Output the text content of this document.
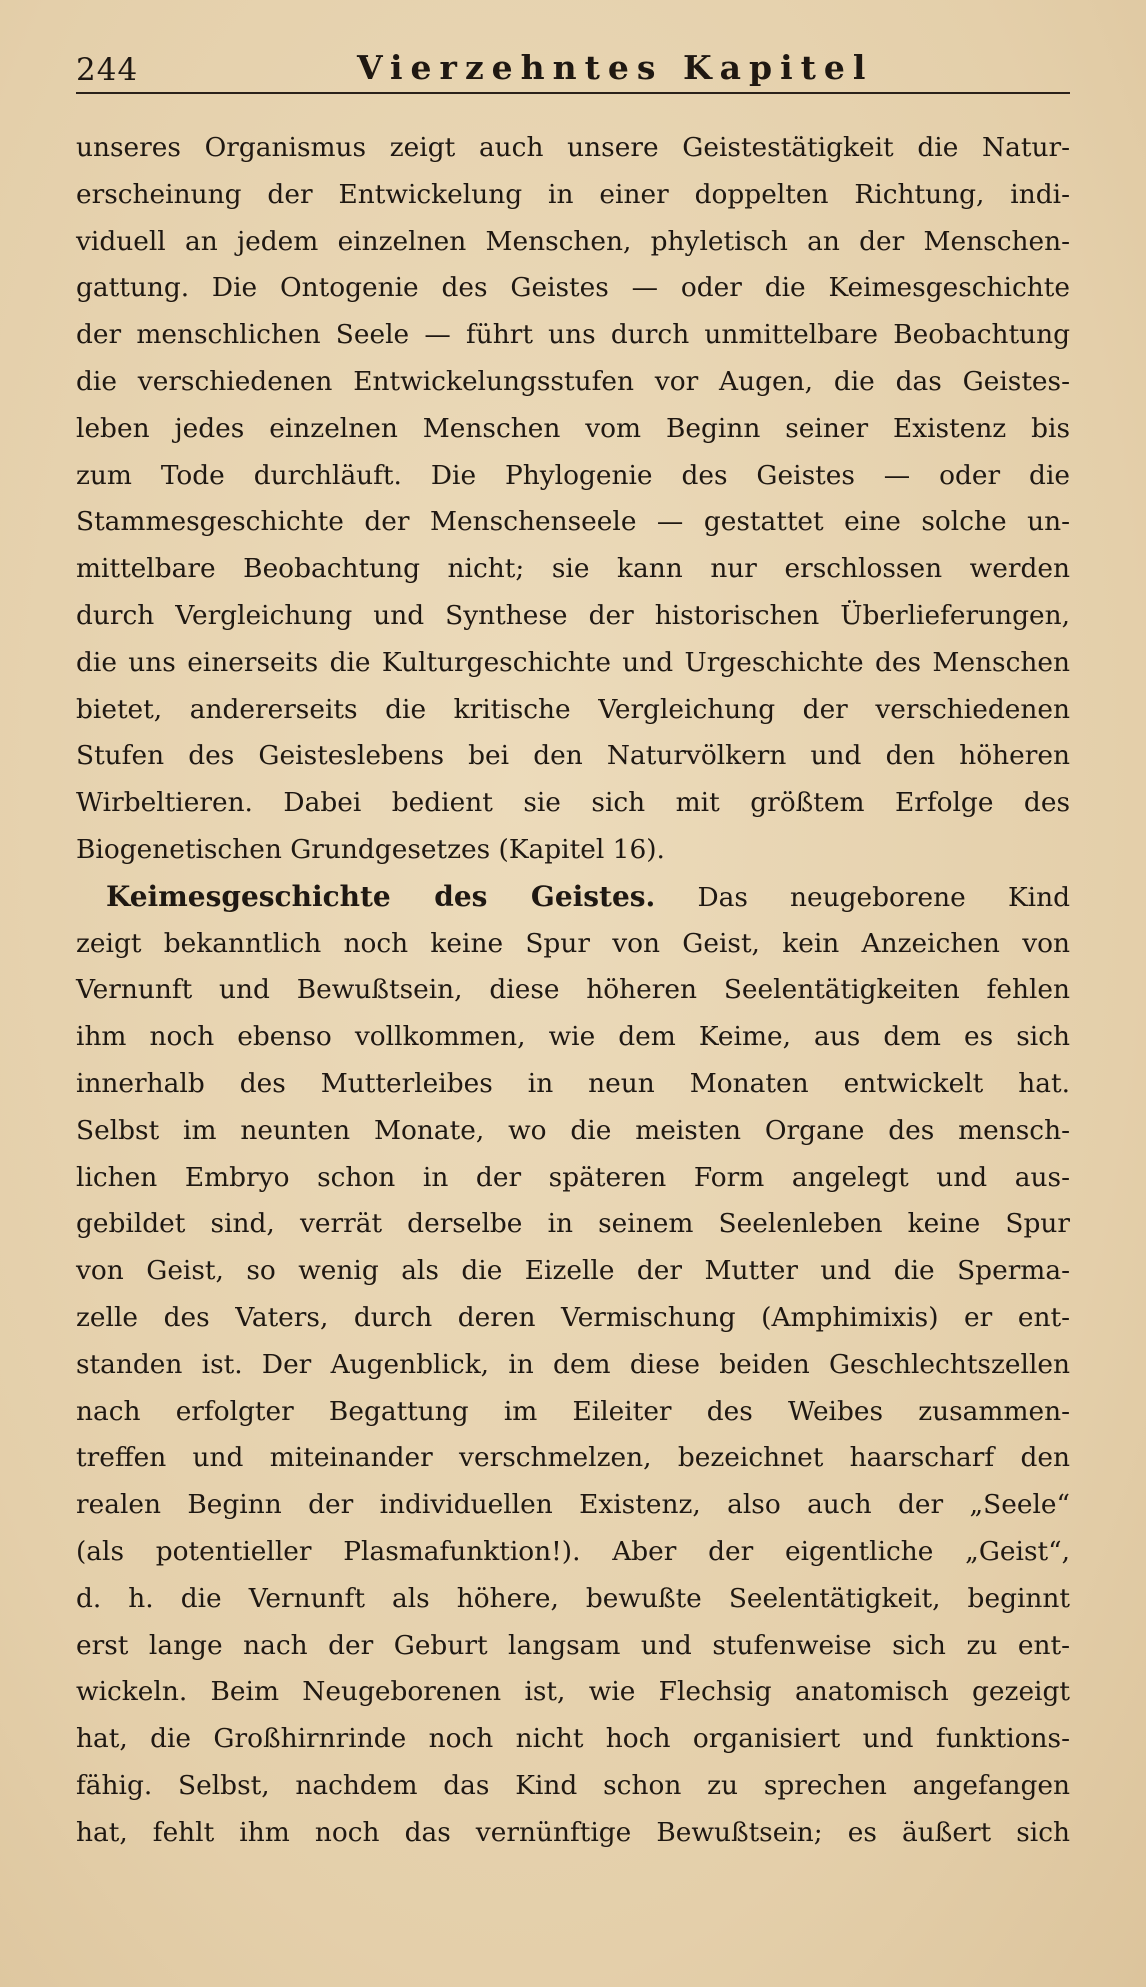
244	Vierzehntes Kapitel
unseres Organismus zeigt auch unsere Geistestätigkeit die Natur-
erscheinung der Entwickelung in einer doppelten Richtung, indi-
viduell an jedem einzelnen Menschen, phyletisch an der Menschen-
gattung. Die Ontogenie des Geistes — oder die Keimesgeschichte
der menschlichen Seele — führt uns durch unmittelbare Beobachtung
die verschiedenen Entwickelungsstufen vor Augen, die das Geistes-
leben jedes einzelnen Menschen vom Beginn seiner Existenz bis
zum Tode durchläuft. Die Phylogenie des Geistes — oder die
Stammesgeschichte der Menschenseele — gestattet eine solche un-
mittelbare Beobachtung nicht; sie kann nur erschlossen werden
durch Vergleichung und Synthese der historischen Überlieferungen,
die uns einerseits die Kulturgeschichte und Urgeschichte des Menschen
bietet, andererseits die kritische Vergleichung der verschiedenen
Stufen des Geisteslebens bei den Naturvölkern und den höheren
Wirbeltieren. Dabei bedient sie sich mit größtem Erfolge des
Biogenetischen Grundgesetzes (Kapitel 16).
Keimesgeschichte des Geistes. Das neugeborene Kind
zeigt bekanntlich noch keine Spur von Geist, kein Anzeichen von
Vernunft und Bewußtsein, diese höheren Seelentätigkeiten fehlen
ihm noch ebenso vollkommen, wie dem Keime, aus dem es sich
innerhalb des Mutterleibes in neun Monaten entwickelt hat.
Selbst im neunten Monate, wo die meisten Organe des mensch-
lichen Embryo schon in der späteren Form angelegt und aus-
gebildet sind, verrät derselbe in seinem Seelenleben keine Spur
von Geist, so wenig als die Eizelle der Mutter und die Sperma-
zelle des Vaters, durch deren Vermischung (Amphimixis) er ent-
standen ist. Der Augenblick, in dem diese beiden Geschlechtszellen
nach erfolgter Begattung im Eileiter des Weibes zusammen-
treffen und miteinander verschmelzen, bezeichnet haarscharf den
realen Beginn der individuellen Existenz, also auch der „Seele“
(als potentieller Plasmafunktion!). Aber der eigentliche „Geist“,
d. h. die Vernunft als höhere, bewußte Seelentätigkeit, beginnt
erst lange nach der Geburt langsam und stufenweise sich zu ent-
wickeln. Beim Neugeborenen ist, wie Flechsig anatomisch gezeigt
hat, die Großhirnrinde noch nicht hoch organisiert und funktions-
fähig. Selbst, nachdem das Kind schon zu sprechen angefangen
hat, fehlt ihm noch das vernünftige Bewußtsein; es äußert sich
